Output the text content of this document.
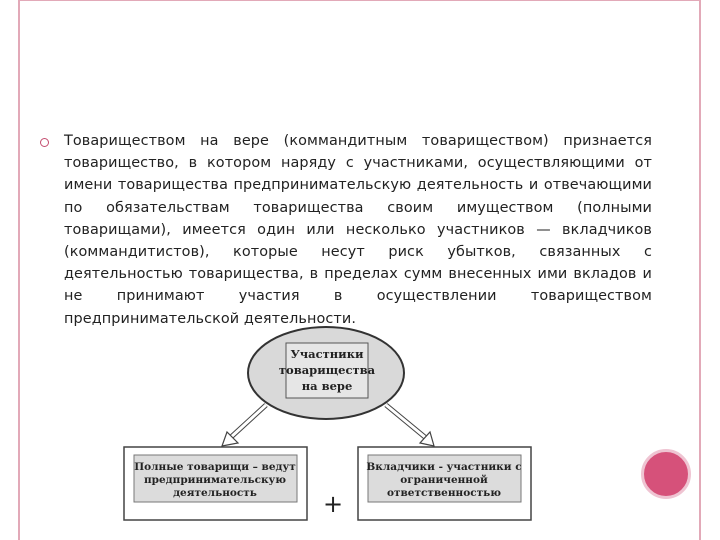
Товариществом на вере (коммандитным товариществом) признается товарищество, в котором наряду с участниками, осуществляющими от имени товарищества предпринимательскую деятельность и отвечающими по обязательствам товарищества своим имуществом (полными товарищами), имеется один или несколько участников — вкладчиков (коммандитистов), которые несут риск убытков, связанных с деятельностью товарищества, в пределах сумм внесенных ими вкладов и не принимают участия в осуществлении товариществом предпринимательской деятельности.

Участники
товарищества
на вере
Полные товарищи – ведут
предпринимательскую
деятельность
Вкладчики - участники с
ограниченной
ответственностью
+
